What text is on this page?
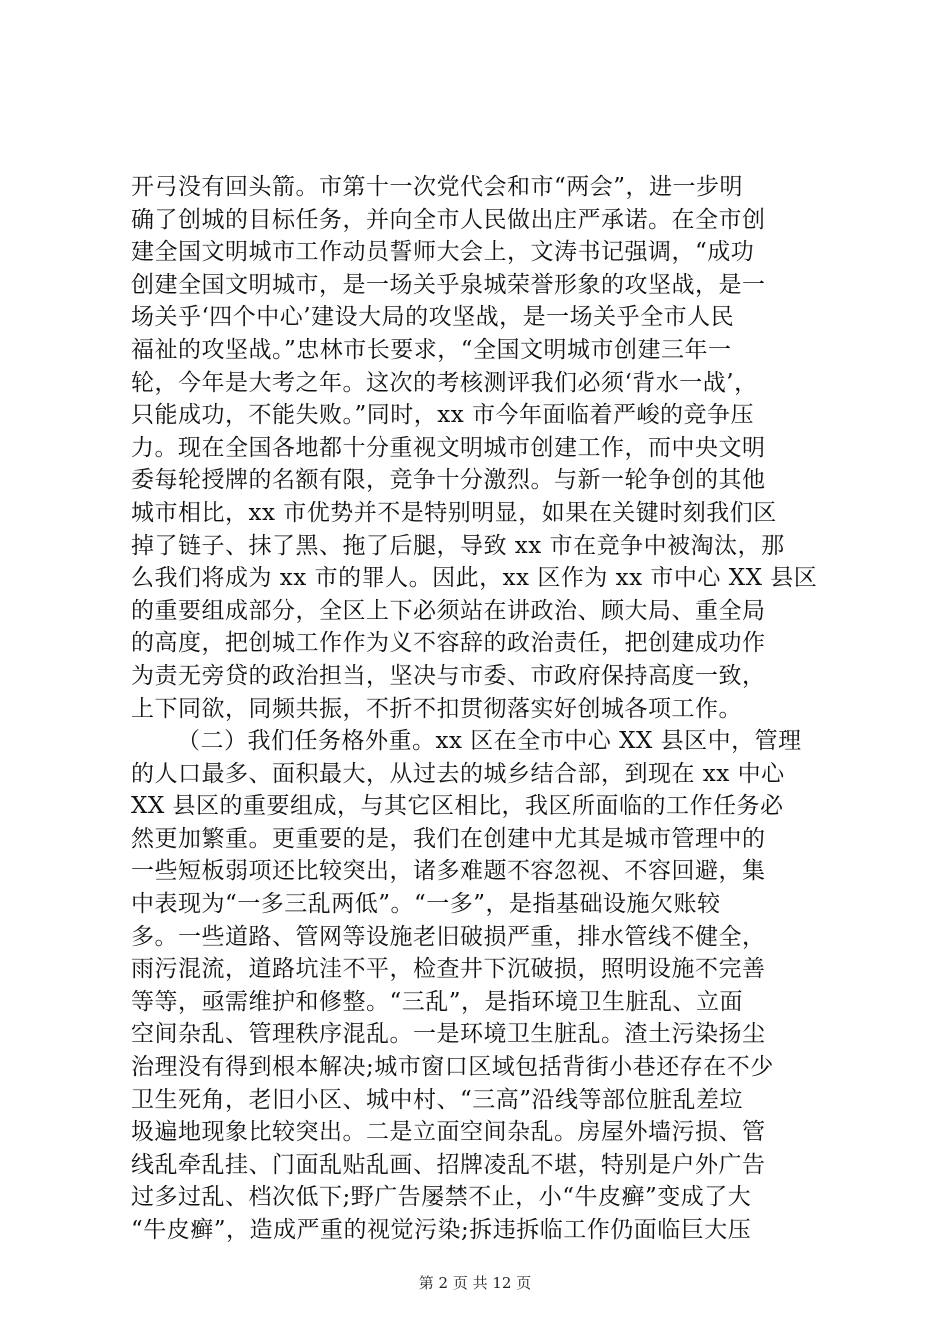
开弓没有回头箭。市第十一次党代会和市“两会”，进一步明
确了创城的目标任务，并向全市人民做出庄严承诺。在全市创
建全国文明城市工作动员誓师大会上，文涛书记强调，“成功
创建全国文明城市，是一场关乎泉城荣誉形象的攻坚战，是一
场关乎‘四个中心’建设大局的攻坚战，是一场关乎全市人民
福祉的攻坚战。”忠林市长要求，“全国文明城市创建三年一
轮，今年是大考之年。这次的考核测评我们必须‘背水一战’，
只能成功，不能失败。”同时，xx 市今年面临着严峻的竞争压
力。现在全国各地都十分重视文明城市创建工作，而中央文明
委每轮授牌的名额有限，竞争十分激烈。与新一轮争创的其他
城市相比，xx 市优势并不是特别明显，如果在关键时刻我们区
掉了链子、抹了黑、拖了后腿，导致 xx 市在竞争中被淘汰，那
么我们将成为 xx 市的罪人。因此，xx 区作为 xx 市中心 XX 县区
的重要组成部分，全区上下必须站在讲政治、顾大局、重全局
的高度，把创城工作作为义不容辞的政治责任，把创建成功作
为责无旁贷的政治担当，坚决与市委、市政府保持高度一致，
上下同欲，同频共振，不折不扣贯彻落实好创城各项工作。
（二）我们任务格外重。xx 区在全市中心 XX 县区中，管理
的人口最多、面积最大，从过去的城乡结合部，到现在 xx 中心
XX 县区的重要组成，与其它区相比，我区所面临的工作任务必
然更加繁重。更重要的是，我们在创建中尤其是城市管理中的
一些短板弱项还比较突出，诸多难题不容忽视、不容回避，集
中表现为“一多三乱两低”。“一多”，是指基础设施欠账较
多。一些道路、管网等设施老旧破损严重，排水管线不健全，
雨污混流，道路坑洼不平，检查井下沉破损，照明设施不完善
等等，亟需维护和修整。“三乱”，是指环境卫生脏乱、立面
空间杂乱、管理秩序混乱。一是环境卫生脏乱。渣土污染扬尘
治理没有得到根本解决;城市窗口区域包括背街小巷还存在不少
卫生死角，老旧小区、城中村、“三高”沿线等部位脏乱差垃
圾遍地现象比较突出。二是立面空间杂乱。房屋外墙污损、管
线乱牵乱挂、门面乱贴乱画、招牌凌乱不堪，特别是户外广告
过多过乱、档次低下;野广告屡禁不止，小“牛皮癣”变成了大
“牛皮癣”，造成严重的视觉污染;拆违拆临工作仍面临巨大压
第 2 页 共 12 页
